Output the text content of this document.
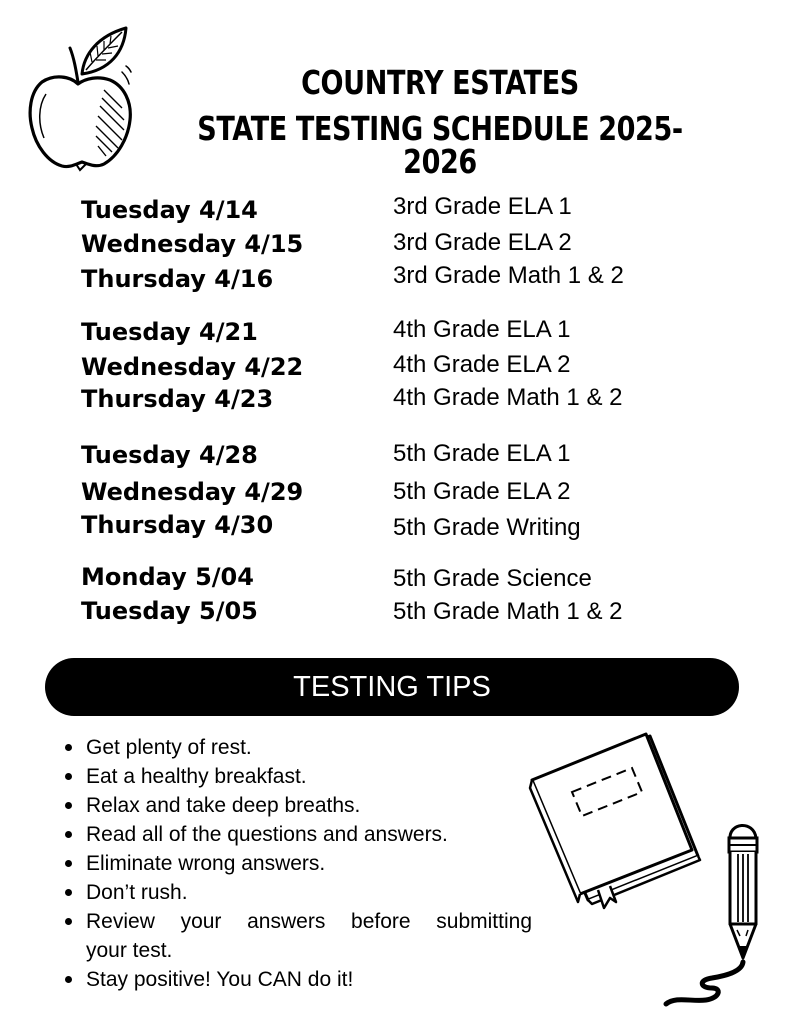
COUNTRY ESTATES
STATE TESTING SCHEDULE 2025-2026
Tuesday 4/14	3rd Grade ELA 1
Wednesday 4/15	3rd Grade ELA 2
Thursday 4/16	3rd Grade Math 1 & 2
Tuesday 4/21	4th Grade ELA 1
Wednesday 4/22	4th Grade ELA 2
Thursday 4/23	4th Grade Math 1 & 2
Tuesday 4/28	5th Grade ELA 1
Wednesday 4/29	5th Grade ELA 2
Thursday 4/30	5th Grade Writing
Monday 5/04	5th Grade Science
Tuesday 5/05	5th Grade Math 1 & 2
TESTING TIPS
Get plenty of rest.
Eat a healthy breakfast.
Relax and take deep breaths.
Read all of the questions and answers.
Eliminate wrong answers.
Don’t rush.
Review your answers before submitting
your test.
Stay positive! You CAN do it!
